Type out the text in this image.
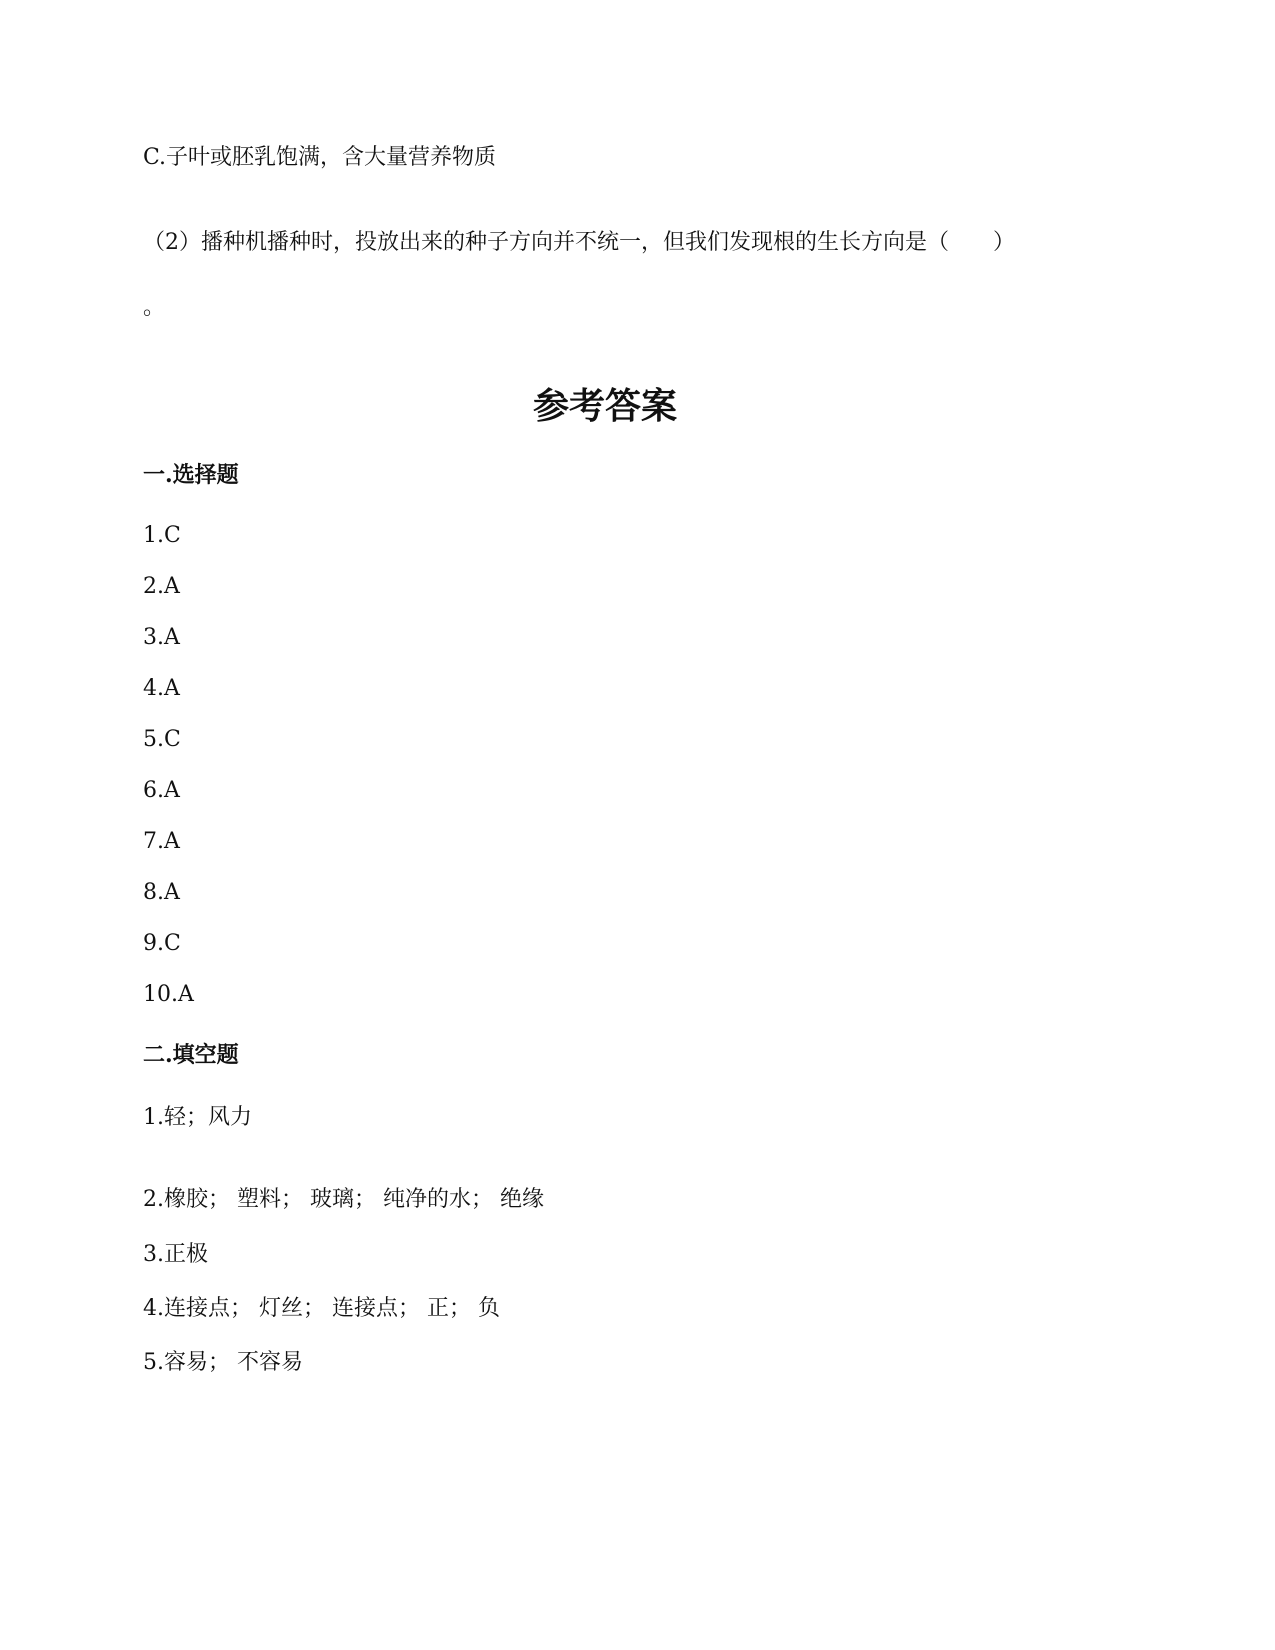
C.子叶或胚乳饱满，含大量营养物质
（2）播种机播种时，投放出来的种子方向并不统一，但我们发现根的生长方向是（　　）
。
参考答案
一.选择题
1.C
2.A
3.A
4.A
5.C
6.A
7.A
8.A
9.C
10.A
二.填空题
1.轻；风力
2.橡胶； 塑料； 玻璃； 纯净的水； 绝缘
3.正极
4.连接点； 灯丝； 连接点； 正； 负
5.容易； 不容易
